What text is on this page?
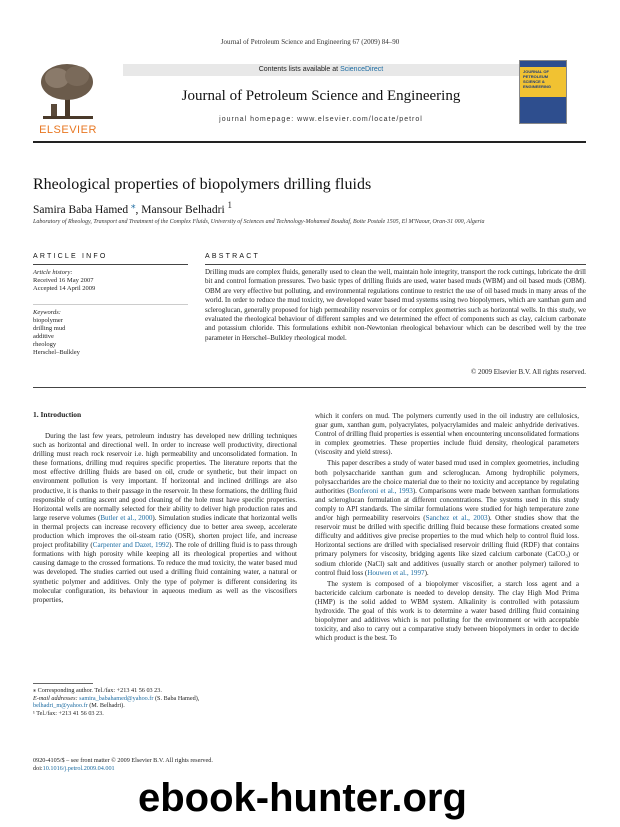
Journal of Petroleum Science and Engineering 67 (2009) 84–90
ELSEVIER
Contents lists available at ScienceDirect
Journal of Petroleum Science and Engineering
journal homepage: www.elsevier.com/locate/petrol
JOURNAL OF PETROLEUM SCIENCE & ENGINEERING
Rheological properties of biopolymers drilling fluids
Samira Baba Hamed ⁎, Mansour Belhadri $^1$
Laboratory of Rheology, Transport and Treatment of the Complex Fluids, University of Sciences and Technology-Mohamed Boudiaf, Boite Postale 1505, El M'Naour, Oran-31 000, Algeria
ARTICLE INFO	ABSTRACT
Article history:
Received 16 May 2007
Accepted 14 April 2009
Keywords:
biopolymer
drilling mud
additive
rheology
Herschel–Bulkley
Drilling muds are complex fluids, generally used to clean the well, maintain hole integrity, transport the rock cuttings, lubricate the drill bit and control formation pressures. Two basic types of drilling fluids are used, water based muds (WBM) and oil based muds (OBM). OBM are very effective but polluting, and environmental regulations continue to restrict the use of oil based muds in many areas of the world. In order to reduce the mud toxicity, we developed water based mud systems using two biopolymers, which are xanthan gum and scleroglucan, generally proposed for high permeability reservoirs or for complex geometries such as horizontal wells. In this study, we evaluated the rheological behaviour of different samples and we determined the effect of components such as clay, calcium carbonate and potassium chloride. This formulations exhibit non-Newtonian rheological behaviour which can be described well by the tree parameter in Herschel–Bulkley rheological model.
© 2009 Elsevier B.V. All rights reserved.
1. Introduction

During the last few years, petroleum industry has developed new drilling techniques such as horizontal and directional well. In order to increase well productivity, directional drilling must reach rock reservoir i.e. high permeability and unconsolidated formation. In these formations, drilling mud requires specific properties. The literature reports that the most effective drilling fluids are based on oil, crude or synthetic, but their impact on environment pollution is very important. If horizontal and inclined drillings are also productive, it is thanks to their passage in the reservoir. In these formations, the drilling fluid responsible of cutting ascent and good cleaning of the hole must have specific properties. Horizontal wells are normally selected for their ability to deliver high production rates and large reserve volumes (Butler et al., 2000). Simulation studies indicate that horizontal wells in thermal projects can increase recovery efficiency due to better area sweep, accelerate production which improves the oil-steam ratio (OSR), shorten project life, and increase project profitability (Carpenter and Dazet, 1992). The role of drilling fluid is to pass through formations with high porosity while keeping all its rheological properties and without causing damage to the crossed formations. To reduce the mud toxicity, the water based mud was developed. The studies carried out used a drilling fluid containing water, a natural or synthetic polymer and additives. Only the type of polymer is different considering its molecular configuration, its behaviour in aqueous medium as well as the viscosifiers properties,

which it confers on mud. The polymers currently used in the oil industry are cellulosics, guar gum, xanthan gum, polyacrylates, polyacrylamides and maleic anhydride derivatives. Control of drilling fluid properties is essential when encountering unconsolidated formations in complex geometries. These properties include fluid density, rheological parameters (viscosity and yield stress).

This paper describes a study of water based mud used in complex geometries, including both polysaccharide xanthan gum and scleroglucan. Among hydrophilic polymers, polysaccharides are the choice material due to their no toxicity and acceptance by regulating authorities (Bonferoni et al., 1993). Comparisons were made between xanthan formulations and scleroglucan formulation at different concentrations. The systems used in this study comply to API standards. The similar formulations were studied for high temperature zone and/or high permeability reservoirs (Sanchez et al., 2003). Other studies show that the reservoir must be drilled with specific drilling fluid because these formations created some difficulty and additives give precise properties to the mud which help to control fluid loss. Horizontal sections are drilled with specialised reservoir drilling fluid (RDF) that contains primary polymers for viscosity, bridging agents like sized calcium carbonate (CaCO₃) or sodium chloride (NaCl) salt and additives (usually starch or another polymer) tailored to control fluid loss (Houwen et al., 1997).

The system is composed of a biopolymer viscosifier, a starch loss agent and a bactericide calcium carbonate is needed to develop density. The clay High Mod Prima (HMP) is the solid added to WBM system. Alkalinity is controlled with potassium hydroxide. The goal of this work is to determine a water based drilling fluid containing biopolymer and additives which is not polluting for the environment or with acceptable toxicity, and also to carry out a comparative study between biopolymers in order to decide which product is the best. To

⁎ Corresponding author. Tel./fax: +213 41 56 03 23.
E-mail addresses: samira_babahamed@yahoo.fr (S. Baba Hamed),
belhadri_m@yahoo.fr (M. Belhadri).
¹ Tel./fax: +213 41 56 03 23.
0920-4105/$ – see front matter © 2009 Elsevier B.V. All rights reserved.
doi:10.1016/j.petrol.2009.04.001
ebook-hunter.org
